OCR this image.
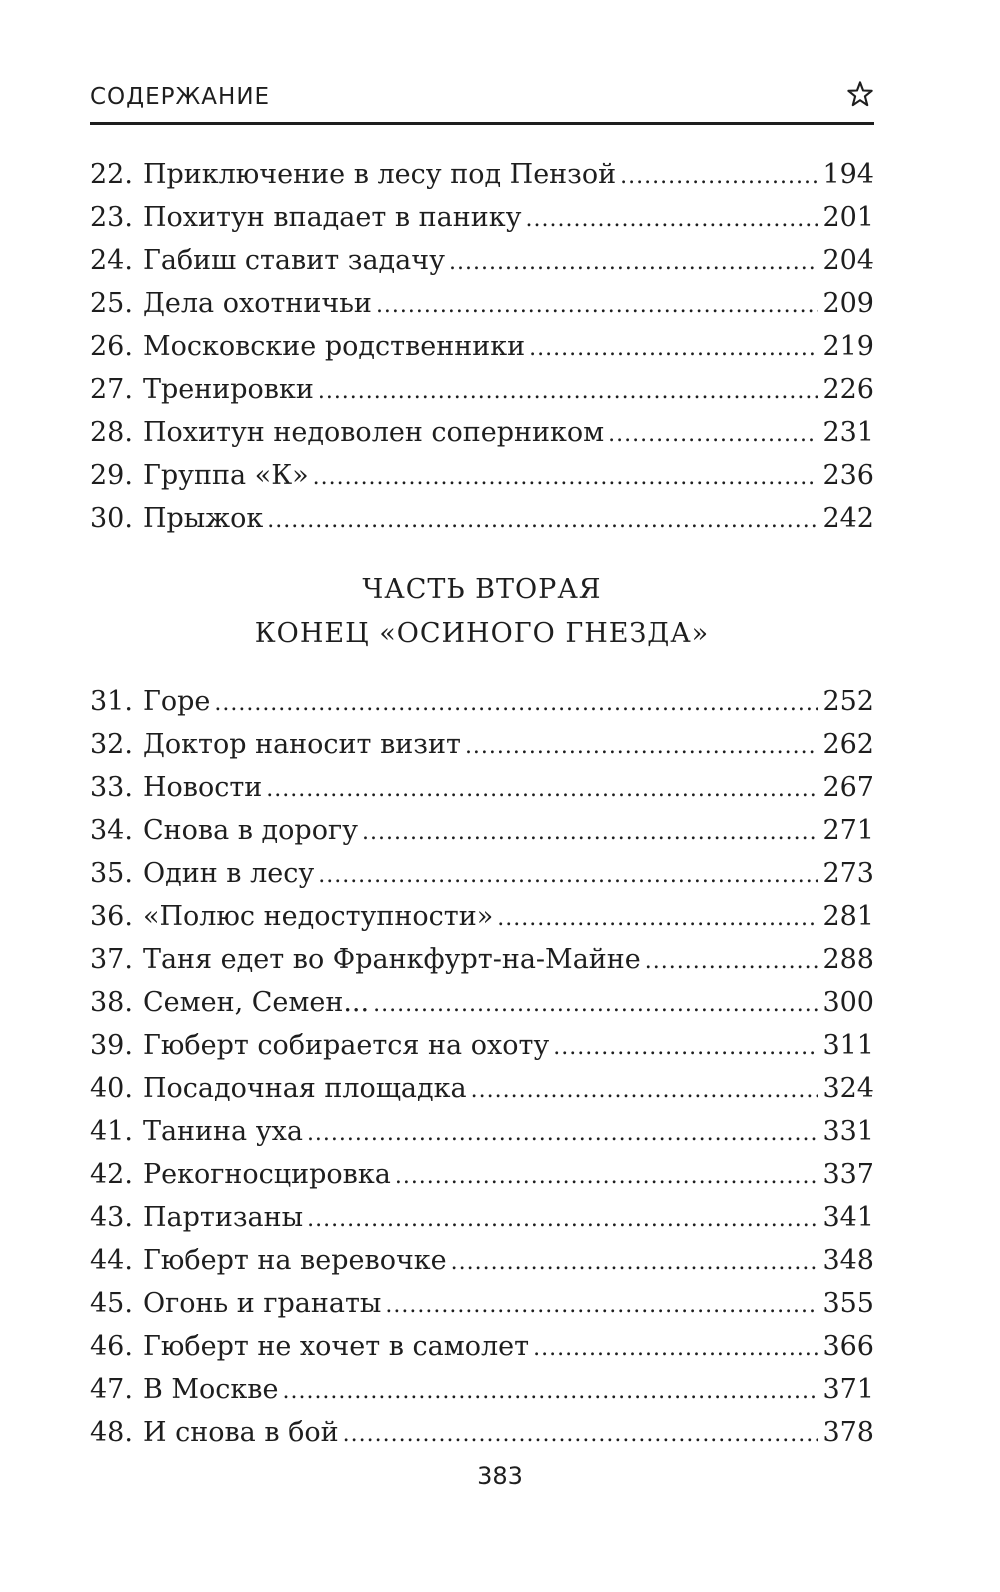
СОДЕРЖАНИЕ
22. Приключение в лесу под Пензой .....	194
23. Похитун впадает в панику .....	201
24. Габиш ставит задачу .....	204
25. Дела охотничьи .....	209
26. Московские родственники .....	219
27. Тренировки .....	226
28. Похитун недоволен соперником .....	231
29. Группа «К» .....	236
30. Прыжок .....	242
ЧАСТЬ ВТОРАЯ
КОНЕЦ «ОСИНОГО ГНЕЗДА»
31. Горе .....	252
32. Доктор наносит визит .....	262
33. Новости .....	267
34. Снова в дорогу .....	271
35. Один в лесу .....	273
36. «Полюс недоступности» .....	281
37. Таня едет во Франкфурт-на-Майне .....	288
38. Семен, Семен... .....	300
39. Гюберт собирается на охоту .....	311
40. Посадочная площадка .....	324
41. Танина уха .....	331
42. Рекогносцировка .....	337
43. Партизаны .....	341
44. Гюберт на веревочке .....	348
45. Огонь и гранаты .....	355
46. Гюберт не хочет в самолет .....	366
47. В Москве .....	371
48. И снова в бой .....	378
383
